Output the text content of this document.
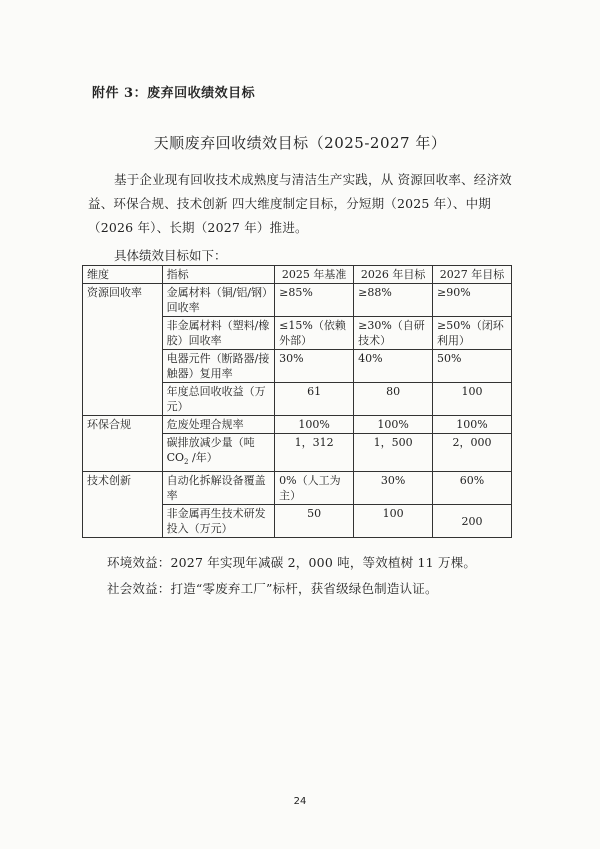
附件 3：废弃回收绩效目标
天顺废弃回收绩效目标（2025-2027 年）
基于企业现有回收技术成熟度与清洁生产实践，从 资源回收率、经济效益、环保合规、技术创新 四大维度制定目标，分短期（2025 年）、中期（2026 年）、长期（2027 年）推进。
具体绩效目标如下：
维度	指标	2025 年基准	2026 年目标	2027 年目标
资源回收率	金属材料（铜/铝/钢）回收率	≥85%	≥88%	≥90%
	非金属材料（塑料/橡胶）回收率	≤15%（依赖外部）	≥30%（自研技术）	≥50%（闭环利用）
	电器元件（断路器/接触器）复用率	30%	40%	50%
	年度总回收收益（万元）	61	80	100
环保合规	危废处理合规率	100%	100%	100%
	碳排放减少量（吨 $CO_2$ /年）	1，312	1，500	2，000
技术创新	自动化拆解设备覆盖率	0%（人工为主）	30%	60%
	非金属再生技术研发投入（万元）	50	100	200
环境效益：2027 年实现年减碳 2，000 吨，等效植树 11 万棵。
社会效益：打造“零废弃工厂”标杆，获省级绿色制造认证。
24
